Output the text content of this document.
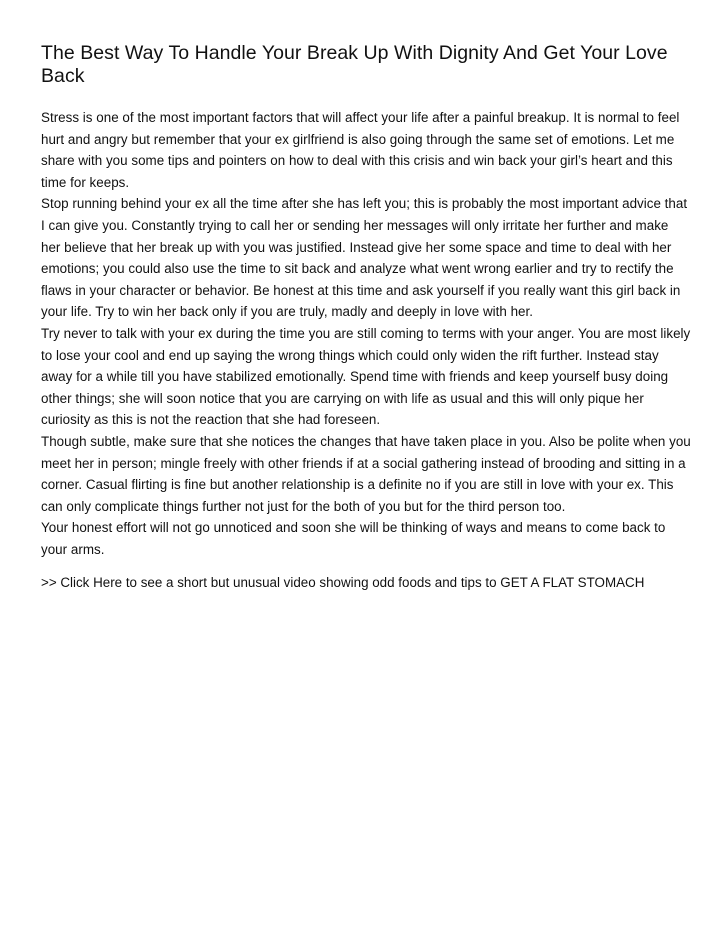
The Best Way To Handle Your Break Up With Dignity And Get Your Love Back

Stress is one of the most important factors that will affect your life after a painful breakup. It is normal to feel hurt and angry but remember that your ex girlfriend is also going through the same set of emotions. Let me share with you some tips and pointers on how to deal with this crisis and win back your girl’s heart and this time for keeps.

Stop running behind your ex all the time after she has left you; this is probably the most important advice that I can give you. Constantly trying to call her or sending her messages will only irritate her further and make her believe that her break up with you was justified. Instead give her some space and time to deal with her emotions; you could also use the time to sit back and analyze what went wrong earlier and try to rectify the flaws in your character or behavior. Be honest at this time and ask yourself if you really want this girl back in your life. Try to win her back only if you are truly, madly and deeply in love with her.

Try never to talk with your ex during the time you are still coming to terms with your anger. You are most likely to lose your cool and end up saying the wrong things which could only widen the rift further. Instead stay away for a while till you have stabilized emotionally. Spend time with friends and keep yourself busy doing other things; she will soon notice that you are carrying on with life as usual and this will only pique her curiosity as this is not the reaction that she had foreseen.

Though subtle, make sure that she notices the changes that have taken place in you. Also be polite when you meet her in person; mingle freely with other friends if at a social gathering instead of brooding and sitting in a corner. Casual flirting is fine but another relationship is a definite no if you are still in love with your ex. This can only complicate things further not just for the both of you but for the third person too.

Your honest effort will not go unnoticed and soon she will be thinking of ways and means to come back to your arms.

>> Click Here to see a short but unusual video showing odd foods and tips to GET A FLAT STOMACH
